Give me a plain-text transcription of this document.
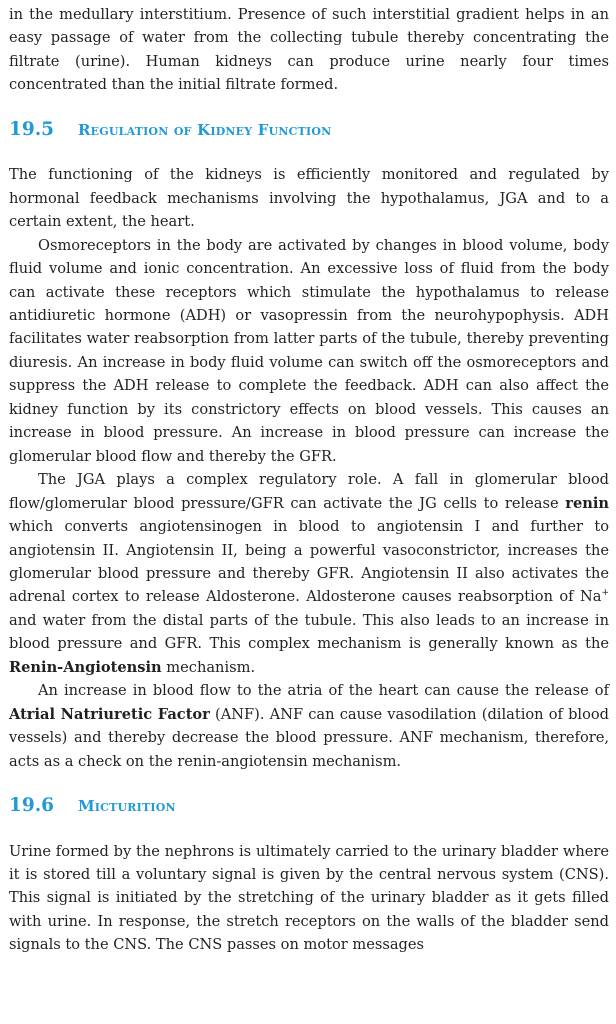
in the medullary interstitium. Presence of such interstitial gradient helps in an easy passage of water from the collecting tubule thereby concentrating the filtrate (urine). Human kidneys can produce urine nearly four times concentrated than the initial filtrate formed.

19.5	Regulation of Kidney Function

The functioning of the kidneys is efficiently monitored and regulated by hormonal feedback mechanisms involving the hypothalamus, JGA and to a certain extent, the heart.

Osmoreceptors in the body are activated by changes in blood volume, body fluid volume and ionic concentration. An excessive loss of fluid from the body can activate these receptors which stimulate the hypothalamus to release antidiuretic hormone (ADH) or vasopressin from the neurohypophysis. ADH facilitates water reabsorption from latter parts of the tubule, thereby preventing diuresis. An increase in body fluid volume can switch off the osmoreceptors and suppress the ADH release to complete the feedback. ADH can also affect the kidney function by its constrictory effects on blood vessels. This causes an increase in blood pressure. An increase in blood pressure can increase the glomerular blood flow and thereby the GFR.

The JGA plays a complex regulatory role. A fall in glomerular blood flow/glomerular blood pressure/GFR can activate the JG cells to release renin which converts angiotensinogen in blood to angiotensin I and further to angiotensin II. Angiotensin II, being a powerful vasoconstrictor, increases the glomerular blood pressure and thereby GFR. Angiotensin II also activates the adrenal cortex to release Aldosterone. Aldosterone causes reabsorption of Na+ and water from the distal parts of the tubule. This also leads to an increase in blood pressure and GFR. This complex mechanism is generally known as the Renin-Angiotensin mechanism.

An increase in blood flow to the atria of the heart can cause the release of Atrial Natriuretic Factor (ANF). ANF can cause vasodilation (dilation of blood vessels) and thereby decrease the blood pressure. ANF mechanism, therefore, acts as a check on the renin-angiotensin mechanism.

19.6	Micturition

Urine formed by the nephrons is ultimately carried to the urinary bladder where it is stored till a voluntary signal is given by the central nervous system (CNS). This signal is initiated by the stretching of the urinary bladder as it gets filled with urine. In response, the stretch receptors on the walls of the bladder send signals to the CNS. The CNS passes on motor messages
